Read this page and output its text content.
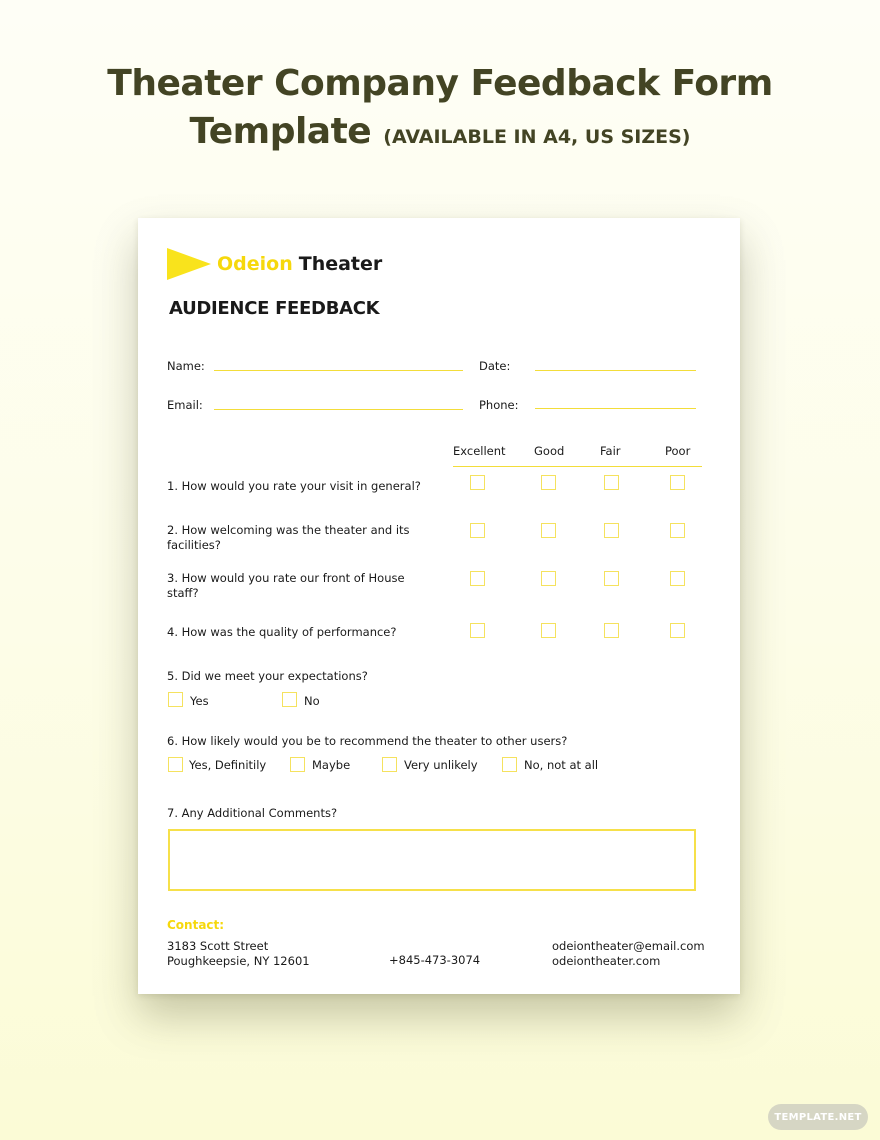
Theater Company Feedback Form
Template (AVAILABLE IN A4, US SIZES)
Odeion Theater
AUDIENCE FEEDBACK
Name:	Date:
Email:	Phone:
Excellent Good	Fair	Poor
1. How would you rate your visit in general?
2. How welcoming was the theater and its facilities?
3. How would you rate our front of House staff?
4. How was the quality of performance?
5. Did we meet your expectations?
Yes	No
6. How likely would you be to recommend the theater to other users?
Yes, Definitily	Maybe	Very unlikely	No, not at all
7. Any Additional Comments?
Contact:
3183 Scott Street
Poughkeepsie, NY 12601	+845-473-3074
odeiontheater@email.com
odeiontheater.com
TEMPLATE.NET
